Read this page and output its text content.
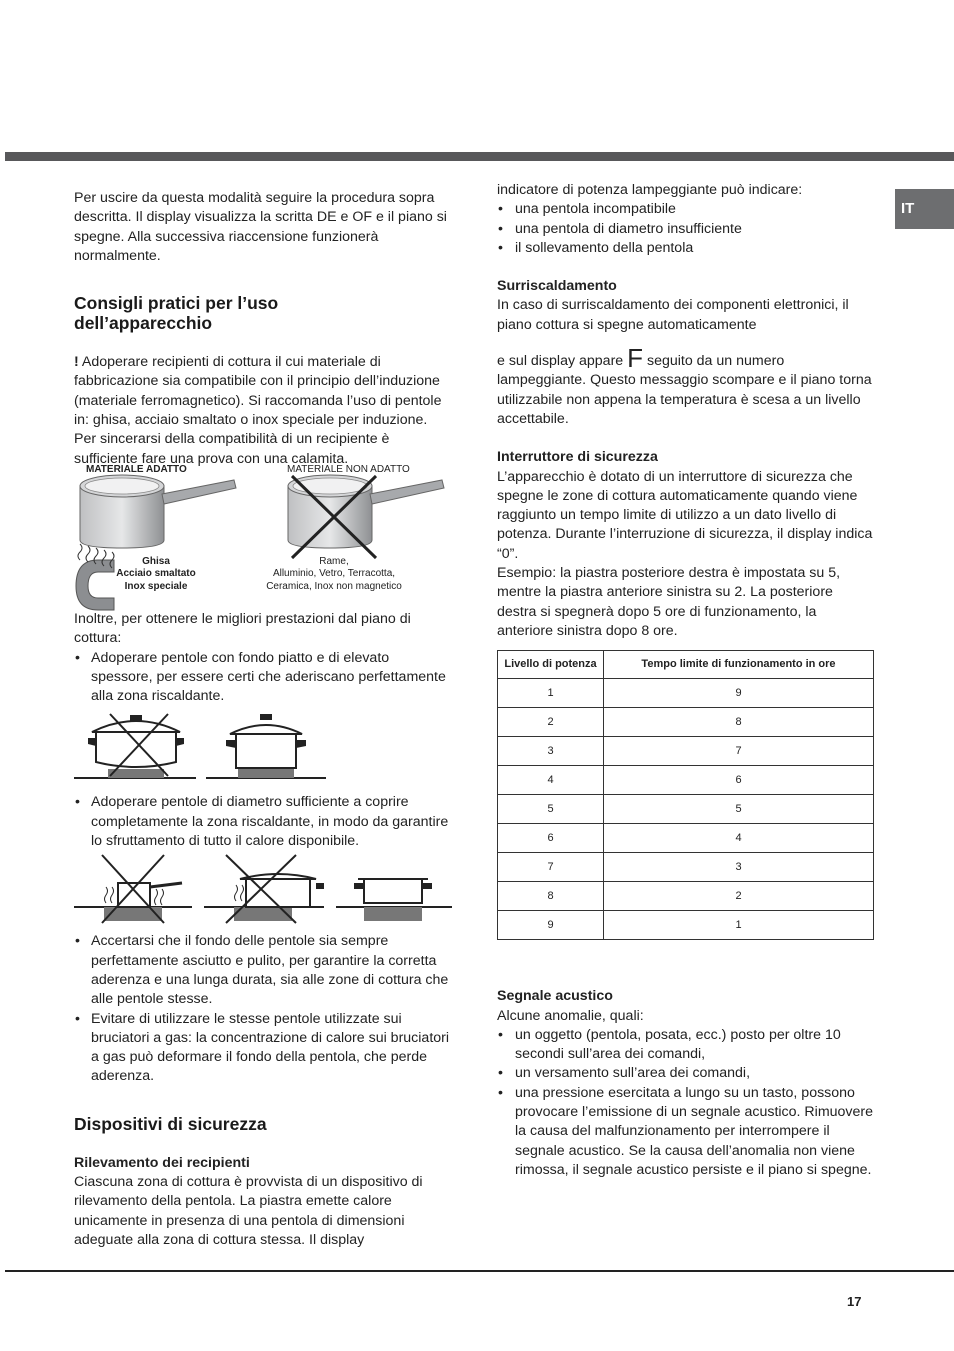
IT

Per uscire da questa modalità seguire la procedura sopra descritta. Il display visualizza la scritta DE e OF e il piano si spegne. Alla successiva riaccensione funzionerà normalmente.

Consigli pratici per l’uso
dell’apparecchio

! Adoperare recipienti di cottura il cui materiale di fabbricazione sia compatibile con il principio dell’induzione (materiale ferromagnetico). Si raccomanda l’uso di pentole in: ghisa, acciaio smaltato o inox speciale per induzione. Per sincerarsi della compatibilità di un recipiente è sufficiente fare una prova con una calamita.

MATERIALE ADATTO	MATERIALE NON ADATTO
Ghisa
Acciaio smaltato
Inox speciale
Rame,
Alluminio, Vetro, Terracotta,
Ceramica, Inox non magnetico

Inoltre, per ottenere le migliori prestazioni dal piano di cottura:

• Adoperare pentole con fondo piatto e di elevato spessore, per essere certi che aderiscano perfettamente alla zona riscaldante.
• Adoperare pentole di diametro sufficiente a coprire completamente la zona riscaldante, in modo da garantire lo sfruttamento di tutto il calore disponibile.
• Accertarsi che il fondo delle pentole sia sempre perfettamente asciutto e pulito, per garantire la corretta aderenza e una lunga durata, sia alle zone di cottura che alle pentole stesse.
• Evitare di utilizzare le stesse pentole utilizzate sui bruciatori a gas: la concentrazione di calore sui bruciatori a gas può deformare il fondo della pentola, che perde aderenza.
Dispositivi di sicurezza
Rilevamento dei recipienti

Ciascuna zona di cottura è provvista di un dispositivo di rilevamento della pentola. La piastra emette calore unicamente in presenza di una pentola di dimensioni adeguate alla zona di cottura stessa. Il display

indicatore di potenza lampeggiante può indicare:

• una pentola incompatibile
• una pentola di diametro insufficiente
• il sollevamento della pentola
Surriscaldamento

In caso di surriscaldamento dei componenti elettronici, il piano cottura si spegne automaticamente

e sul display appare F seguito da un numero lampeggiante. Questo messaggio scompare e il piano torna utilizzabile non appena la temperatura è scesa a un livello accettabile.

Interruttore di sicurezza

L’apparecchio è dotato di un interruttore di sicurezza che spegne le zone di cottura automaticamente quando viene raggiunto un tempo limite di utilizzo a un dato livello di potenza. Durante l’interruzione di sicurezza, il display indica “0”.

Esempio: la piastra posteriore destra è impostata su 5, mentre la piastra anteriore sinistra su 2. La posteriore destra si spegnerà dopo 5 ore di funzionamento, la anteriore sinistra dopo 8 ore.

Livello di potenza	Tempo limite di funzionamento in ore
1	9
2	8
3	7
4	6
5	5
6	4
7	3
8	2
9	1
Segnale acustico

Alcune anomalie, quali:

• un oggetto (pentola, posata, ecc.) posto per oltre 10 secondi sull’area dei comandi,
• un versamento sull’area dei comandi,
• una pressione esercitata a lungo su un tasto, possono provocare l’emissione di un segnale acustico. Rimuovere la causa del malfunzionamento per interrompere il segnale acustico. Se la causa dell’anomalia non viene rimossa, il segnale acustico persiste e il piano si spegne.
17
